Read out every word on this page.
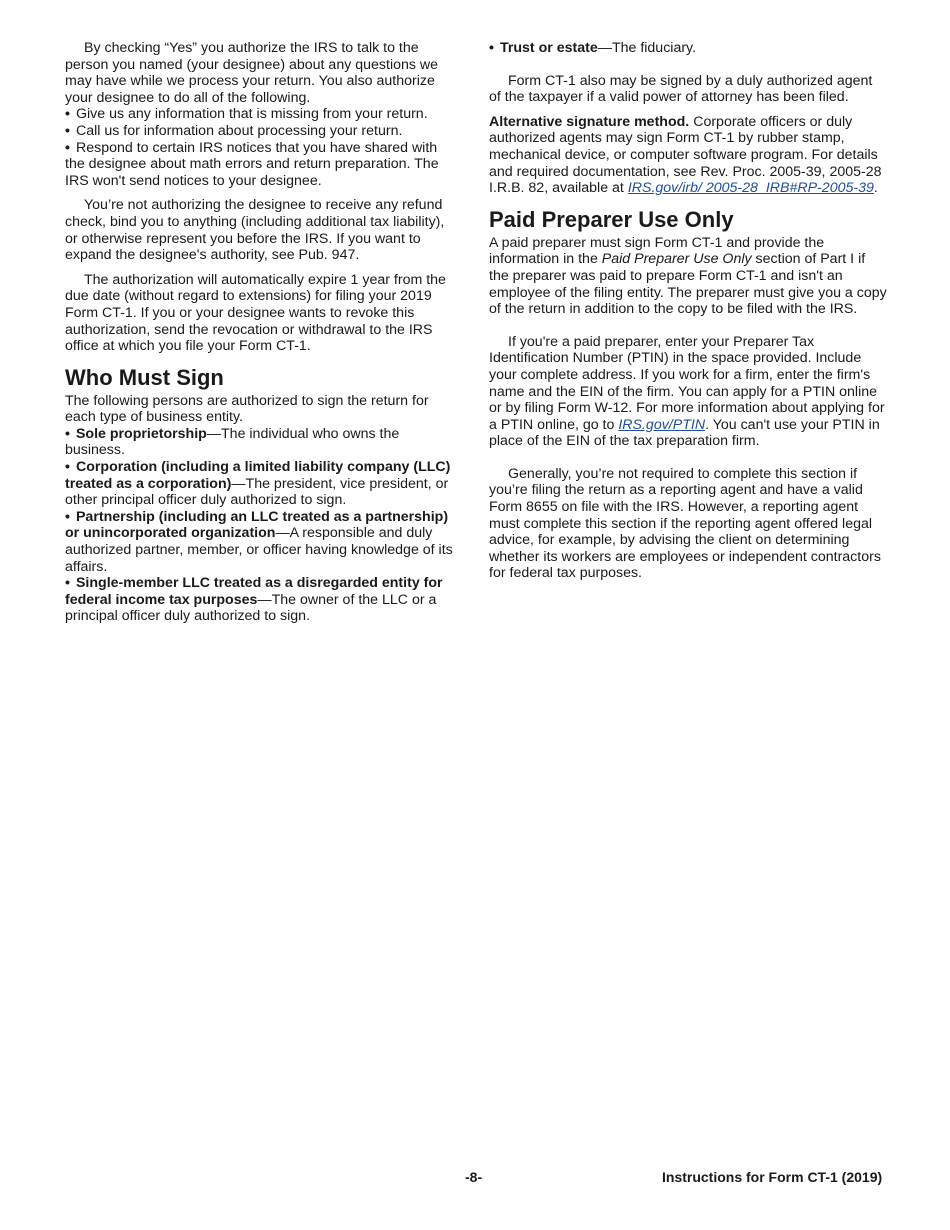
By checking “Yes” you authorize the IRS to talk to the person you named (your designee) about any questions we may have while we process your return. You also authorize your designee to do all of the following.

• Give us any information that is missing from your return.

• Call us for information about processing your return.

• Respond to certain IRS notices that you have shared with the designee about math errors and return preparation. The IRS won't send notices to your designee.

You’re not authorizing the designee to receive any refund check, bind you to anything (including additional tax liability), or otherwise represent you before the IRS. If you want to expand the designee's authority, see Pub. 947.

The authorization will automatically expire 1 year from the due date (without regard to extensions) for filing your 2019 Form CT-1. If you or your designee wants to revoke this authorization, send the revocation or withdrawal to the IRS office at which you file your Form CT-1.

Who Must Sign

The following persons are authorized to sign the return for each type of business entity.

• Sole proprietorship—The individual who owns the business.

• Corporation (including a limited liability company (LLC) treated as a corporation)—The president, vice president, or other principal officer duly authorized to sign.

• Partnership (including an LLC treated as a partnership) or unincorporated organization—A responsible and duly authorized partner, member, or officer having knowledge of its affairs.

• Single-member LLC treated as a disregarded entity for federal income tax purposes—The owner of the LLC or a principal officer duly authorized to sign.

• Trust or estate—The fiduciary.

Form CT-1 also may be signed by a duly authorized agent of the taxpayer if a valid power of attorney has been filed.

Alternative signature method. Corporate officers or duly authorized agents may sign Form CT-1 by rubber stamp, mechanical device, or computer software program. For details and required documentation, see Rev. Proc. 2005-39, 2005-28 I.R.B. 82, available at IRS.gov/irb/ 2005-28_IRB#RP-2005-39.

Paid Preparer Use Only

A paid preparer must sign Form CT-1 and provide the information in the Paid Preparer Use Only section of Part I if the preparer was paid to prepare Form CT-1 and isn't an employee of the filing entity. The preparer must give you a copy of the return in addition to the copy to be filed with the IRS.

If you're a paid preparer, enter your Preparer Tax Identification Number (PTIN) in the space provided. Include your complete address. If you work for a firm, enter the firm's name and the EIN of the firm. You can apply for a PTIN online or by filing Form W-12. For more information about applying for a PTIN online, go to IRS.gov/PTIN. You can't use your PTIN in place of the EIN of the tax preparation firm.

Generally, you’re not required to complete this section if you’re filing the return as a reporting agent and have a valid Form 8655 on file with the IRS. However, a reporting agent must complete this section if the reporting agent offered legal advice, for example, by advising the client on determining whether its workers are employees or independent contractors for federal tax purposes.

-8-	Instructions for Form CT-1 (2019)
